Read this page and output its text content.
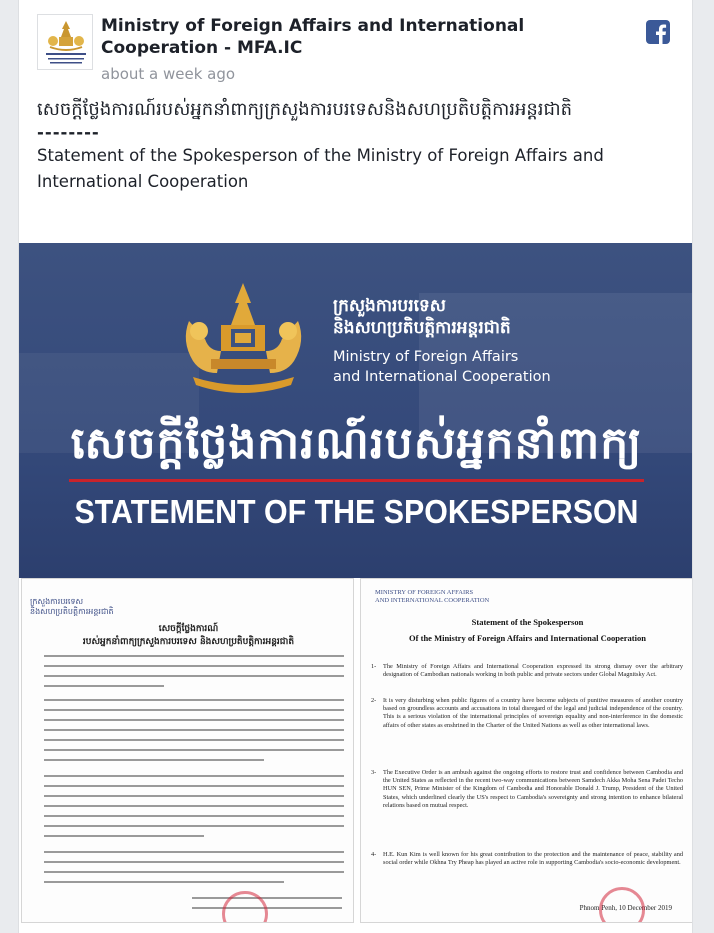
Ministry of Foreign Affairs and International Cooperation - MFA.IC
about a week ago
សេចក្តីថ្លែងការណ៍របស់អ្នកនាំពាក្យក្រសួងការបរទេសនិងសហប្រតិបត្តិការអន្តរជាតិ
--------
Statement of the Spokesperson of the Ministry of Foreign Affairs and International Cooperation
ក្រសួងការបរទេស
និងសហប្រតិបត្តិការអន្តរជាតិ
Ministry of Foreign Affairs
and International Cooperation
សេចក្តីថ្លែងការណ៍របស់អ្នកនាំពាក្យ
STATEMENT OF THE SPOKESPERSON
ក្រសួងការបរទេស
និងសហប្រតិបត្តិការអន្តរជាតិ
សេចក្តីថ្លែងការណ៍
របស់អ្នកនាំពាក្យក្រសួងការបរទេស និងសហប្រតិបត្តិការអន្តរជាតិ
MINISTRY OF FOREIGN AFFAIRS
AND INTERNATIONAL COOPERATION
Statement of the Spokesperson
Of the Ministry of Foreign Affairs and International Cooperation
1- The Ministry of Foreign Affairs and International Cooperation expressed its strong dismay over the arbitrary designation of Cambodian nationals working in both public and private sectors under Global Magnitsky Act.
2- It is very disturbing when public figures of a country have become subjects of punitive measures of another country based on groundless accounts and accusations in total disregard of the legal and judicial independence of the country. This is a serious violation of the international principles of sovereign equality and non-interference in the domestic affairs of other states as enshrined in the Charter of the United Nations as well as other international laws.
3- The Executive Order is an ambush against the ongoing efforts to restore trust and confidence between Cambodia and the United States as reflected in the recent two-way communications between Samdech Akka Moha Sena Padei Techo HUN SEN, Prime Minister of the Kingdom of Cambodia and Honorable Donald J. Trump, President of the United States, which underlined clearly the US's respect to Cambodia's sovereignty and strong intention to enhance bilateral relations based on mutual respect.
4- H.E. Kun Kim is well known for his great contribution to the protection and the maintenance of peace, stability and social order while Okhna Try Pheap has played an active role in supporting Cambodia's socio-economic development.
Phnom Penh, 10 December 2019
